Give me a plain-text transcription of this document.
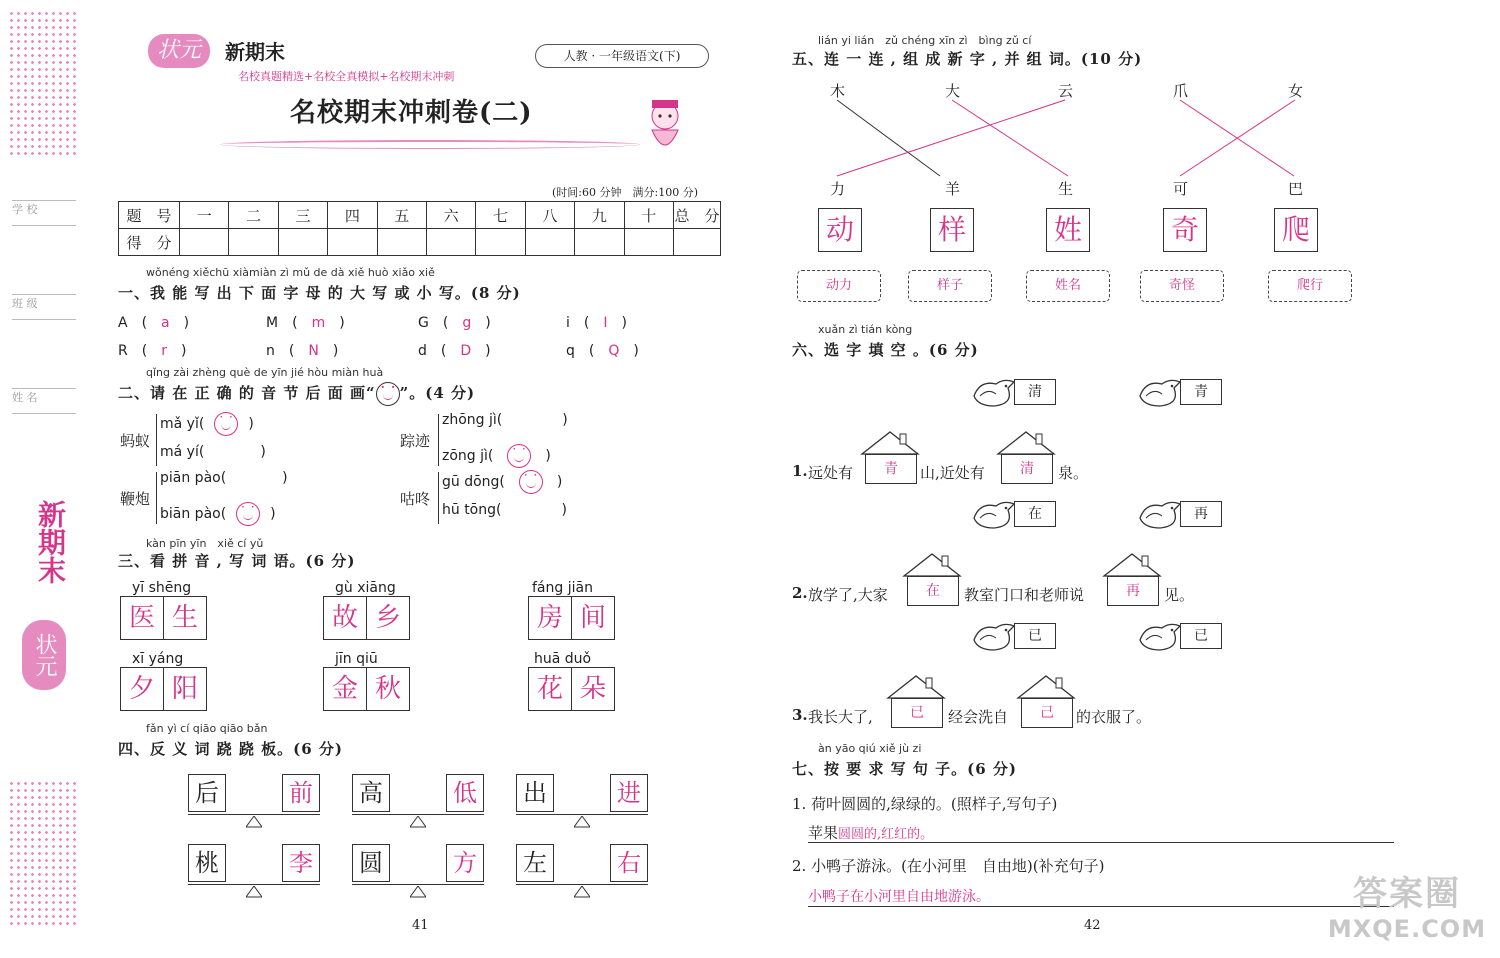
学 校
班 级
姓 名
新期末
状元
状元	新期末
名校真题精选+名校全真模拟+名校期末冲刺
人教 · 一年级语文(下)
名校期末冲刺卷(二)
(时间:60 分钟　满分:100 分)
题　号	一	二	三	四	五	六	七	八	九	十	总　分
得　分											
wǒnéng xiěchū xiàmiàn zì mǔ de dà xiě huò xiǎo xiě
一、我 能 写 出 下 面 字 母 的 大 写 或 小 写。(8 分)
A　(　a　)	M　(　m　)	G　(　g　)	i　(　I　)
R　(　r　)	n　(　N　)	d　(　D　)	q　(　Q　)
qǐng zài zhèng què de yīn jié hòu miàn huà
二、请 在 正 确 的 音 节 后 面 画“ · · ”。(4 分)
蚂蚁
mǎ yǐ( · ·	)
má yí(	)
踪迹
zhōng jì(	)
zōng jì( · ·	)
鞭炮
piān pào(	)
biān pào( · ·	)
咕咚
gū dōng( · ·	)
hū tōng(	)
kàn pīn yīn　xiě cí yǔ
三、看 拼 音 , 写 词 语。(6 分)
yī shēng
医 生
gù xiāng
故 乡
fáng jiān
房 间
xī yáng
夕 阳
jīn qiū
金 秋
huā duǒ
花 朵
fǎn yì cí qiāo qiāo bǎn
四、反 义 词 跷 跷 板。(6 分)
后	前 高	低 出	进
桃	李 圆	方 左	右
41
lián yi lián　zǔ chéng xīn zì　bìng zǔ cí
五、连 一 连 , 组 成 新 字 , 并 组 词。(10 分)
木	大	云	爪	女
力	羊	生	可	巴
动	样	姓	奇	爬
动力	样子	姓名	奇怪	爬行
xuǎn zì tián kòng
六、选 字 填 空 。(6 分)
清	青
1. 远处有	青	山,近处有	清	泉。
在	再
2. 放学了,大家	在	教室门口和老师说	再	见。
已	已
3. 我长大了,	已	经会洗自	己	的衣服了。
àn yāo qiú xiě jù zi
七、按 要 求 写 句 子。(6 分)
1. 荷叶圆圆的,绿绿的。(照样子,写句子)
苹果圆圆的,红红的。
2. 小鸭子游泳。(在小河里　自由地)(补充句子)
小鸭子在小河里自由地游泳。
42
答案圈
MXQE.COM
